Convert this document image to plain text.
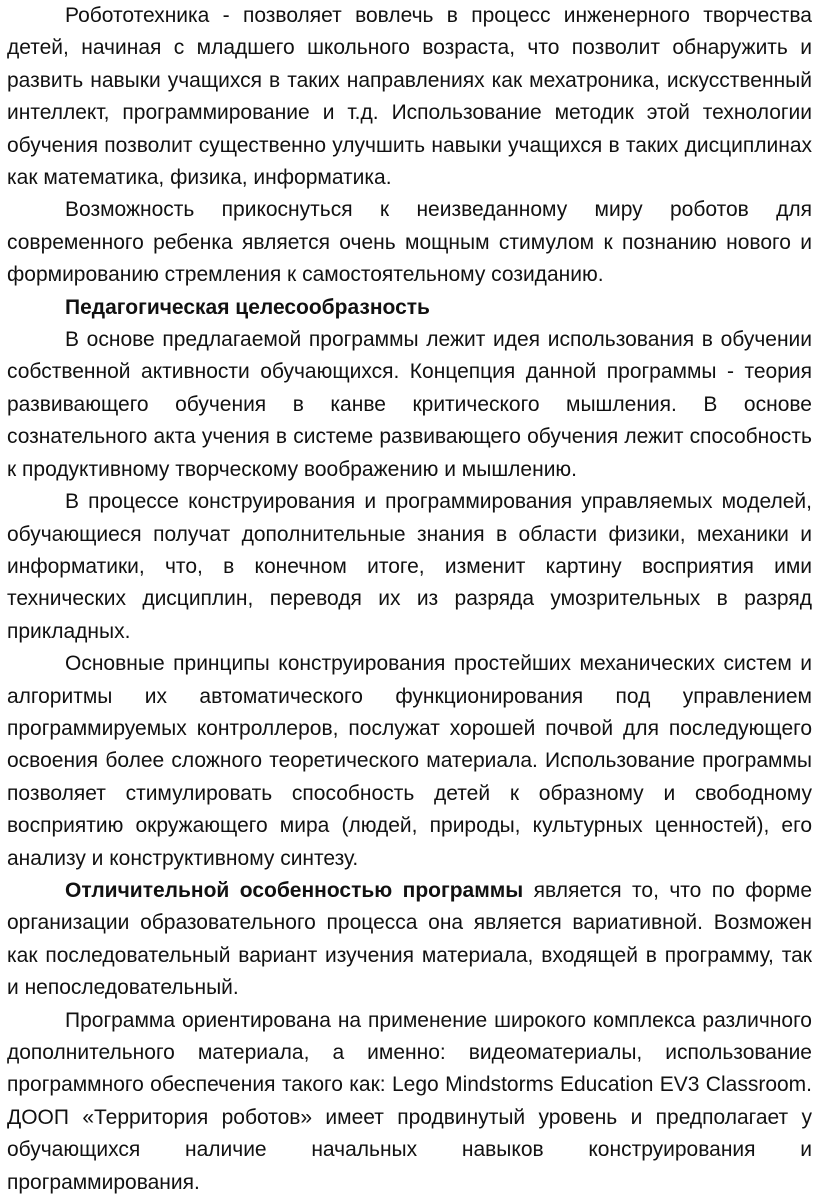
Робототехника - позволяет вовлечь в процесс инженерного творчества детей, начиная с младшего школьного возраста, что позволит обнаружить и развить навыки учащихся в таких направлениях как мехатроника, искусственный интеллект, программирование и т.д. Использование методик этой технологии обучения позволит существенно улучшить навыки учащихся в таких дисциплинах как математика, физика, информатика.

Возможность прикоснуться к неизведанному миру роботов для современного ребенка является очень мощным стимулом к познанию нового и формированию стремления к самостоятельному созиданию.

Педагогическая целесообразность

В основе предлагаемой программы лежит идея использования в обучении собственной активности обучающихся. Концепция данной программы - теория развивающего обучения в канве критического мышления. В основе сознательного акта учения в системе развивающего обучения лежит способность к продуктивному творческому воображению и мышлению.

В процессе конструирования и программирования управляемых моделей, обучающиеся получат дополнительные знания в области физики, механики и информатики, что, в конечном итоге, изменит картину восприятия ими технических дисциплин, переводя их из разряда умозрительных в разряд прикладных.

Основные принципы конструирования простейших механических систем и алгоритмы их автоматического функционирования под управлением программируемых контроллеров, послужат хорошей почвой для последующего освоения более сложного теоретического материала. Использование программы позволяет стимулировать способность детей к образному и свободному восприятию окружающего мира (людей, природы, культурных ценностей), его анализу и конструктивному синтезу.

Отличительной особенностью программы является то, что по форме организации образовательного процесса она является вариативной. Возможен как последовательный вариант изучения материала, входящей в программу, так и непоследовательный.

Программа ориентирована на применение широкого комплекса различного дополнительного материала, а именно: видеоматериалы, использование программного обеспечения такого как: Lego Mindstorms Education EV3 Classroom. ДООП «Территория роботов» имеет продвинутый уровень и предполагает у обучающихся наличие начальных навыков конструирования и программирования.
